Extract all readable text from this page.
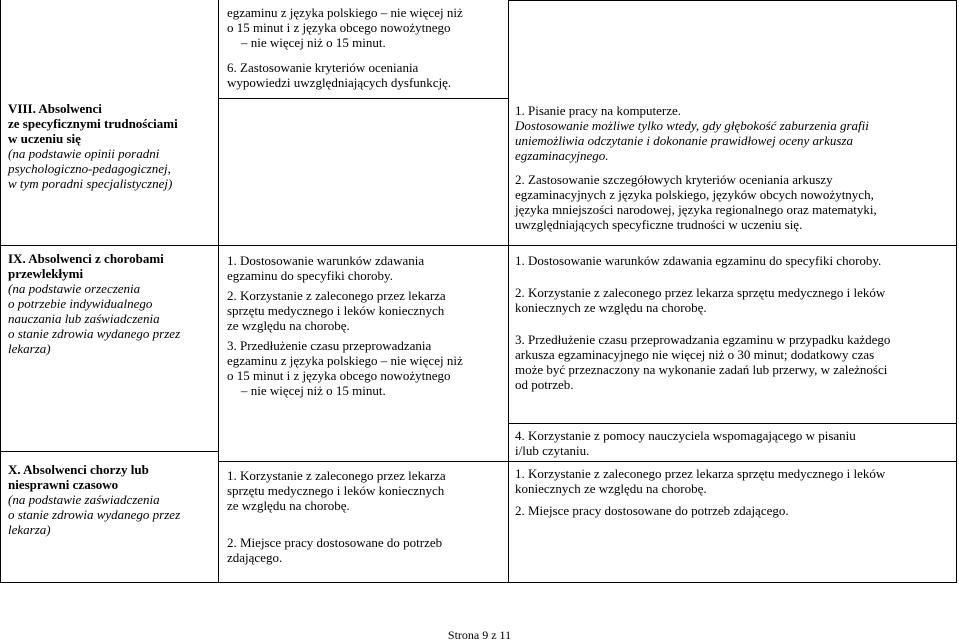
VIII. Absolwenci

ze specyficznymi trudnościami

w uczeniu się

(na podstawie opinii poradni

psychologiczno-pedagogicznej,

w tym poradni specjalistycznej)

egzaminu z języka polskiego – nie więcej niż

o 15 minut i z języka obcego nowożytnego

– nie więcej niż o 15 minut.

6. Zastosowanie kryteriów oceniania

wypowiedzi uwzględniających dysfunkcję.

1. Pisanie pracy na komputerze.

Dostosowanie możliwe tylko wtedy, gdy głębokość zaburzenia grafii

uniemożliwia odczytanie i dokonanie prawidłowej oceny arkusza

egzaminacyjnego.

2. Zastosowanie szczegółowych kryteriów oceniania arkuszy

egzaminacyjnych z języka polskiego, języków obcych nowożytnych,

języka mniejszości narodowej, języka regionalnego oraz matematyki,

uwzględniających specyficzne trudności w uczeniu się.

IX. Absolwenci z chorobami

przewlekłymi

(na podstawie orzeczenia

o potrzebie indywidualnego

nauczania lub zaświadczenia

o stanie zdrowia wydanego przez

lekarza)

1. Dostosowanie warunków zdawania

egzaminu do specyfiki choroby.

2. Korzystanie z zaleconego przez lekarza

sprzętu medycznego i leków koniecznych

ze względu na chorobę.

3. Przedłużenie czasu przeprowadzania

egzaminu z języka polskiego – nie więcej niż

o 15 minut i z języka obcego nowożytnego

– nie więcej niż o 15 minut.

1. Dostosowanie warunków zdawania egzaminu do specyfiki choroby.

2. Korzystanie z zaleconego przez lekarza sprzętu medycznego i leków

koniecznych ze względu na chorobę.

3. Przedłużenie czasu przeprowadzania egzaminu w przypadku każdego

arkusza egzaminacyjnego nie więcej niż o 30 minut; dodatkowy czas

może być przeznaczony na wykonanie zadań lub przerwy, w zależności

od potrzeb.

4. Korzystanie z pomocy nauczyciela wspomagającego w pisaniu

i/lub czytaniu.

X. Absolwenci chorzy lub

niesprawni czasowo

(na podstawie zaświadczenia

o stanie zdrowia wydanego przez

lekarza)

1. Korzystanie z zaleconego przez lekarza

sprzętu medycznego i leków koniecznych

ze względu na chorobę.

2. Miejsce pracy dostosowane do potrzeb

zdającego.

1. Korzystanie z zaleconego przez lekarza sprzętu medycznego i leków

koniecznych ze względu na chorobę.

2. Miejsce pracy dostosowane do potrzeb zdającego.

Strona 9 z 11
